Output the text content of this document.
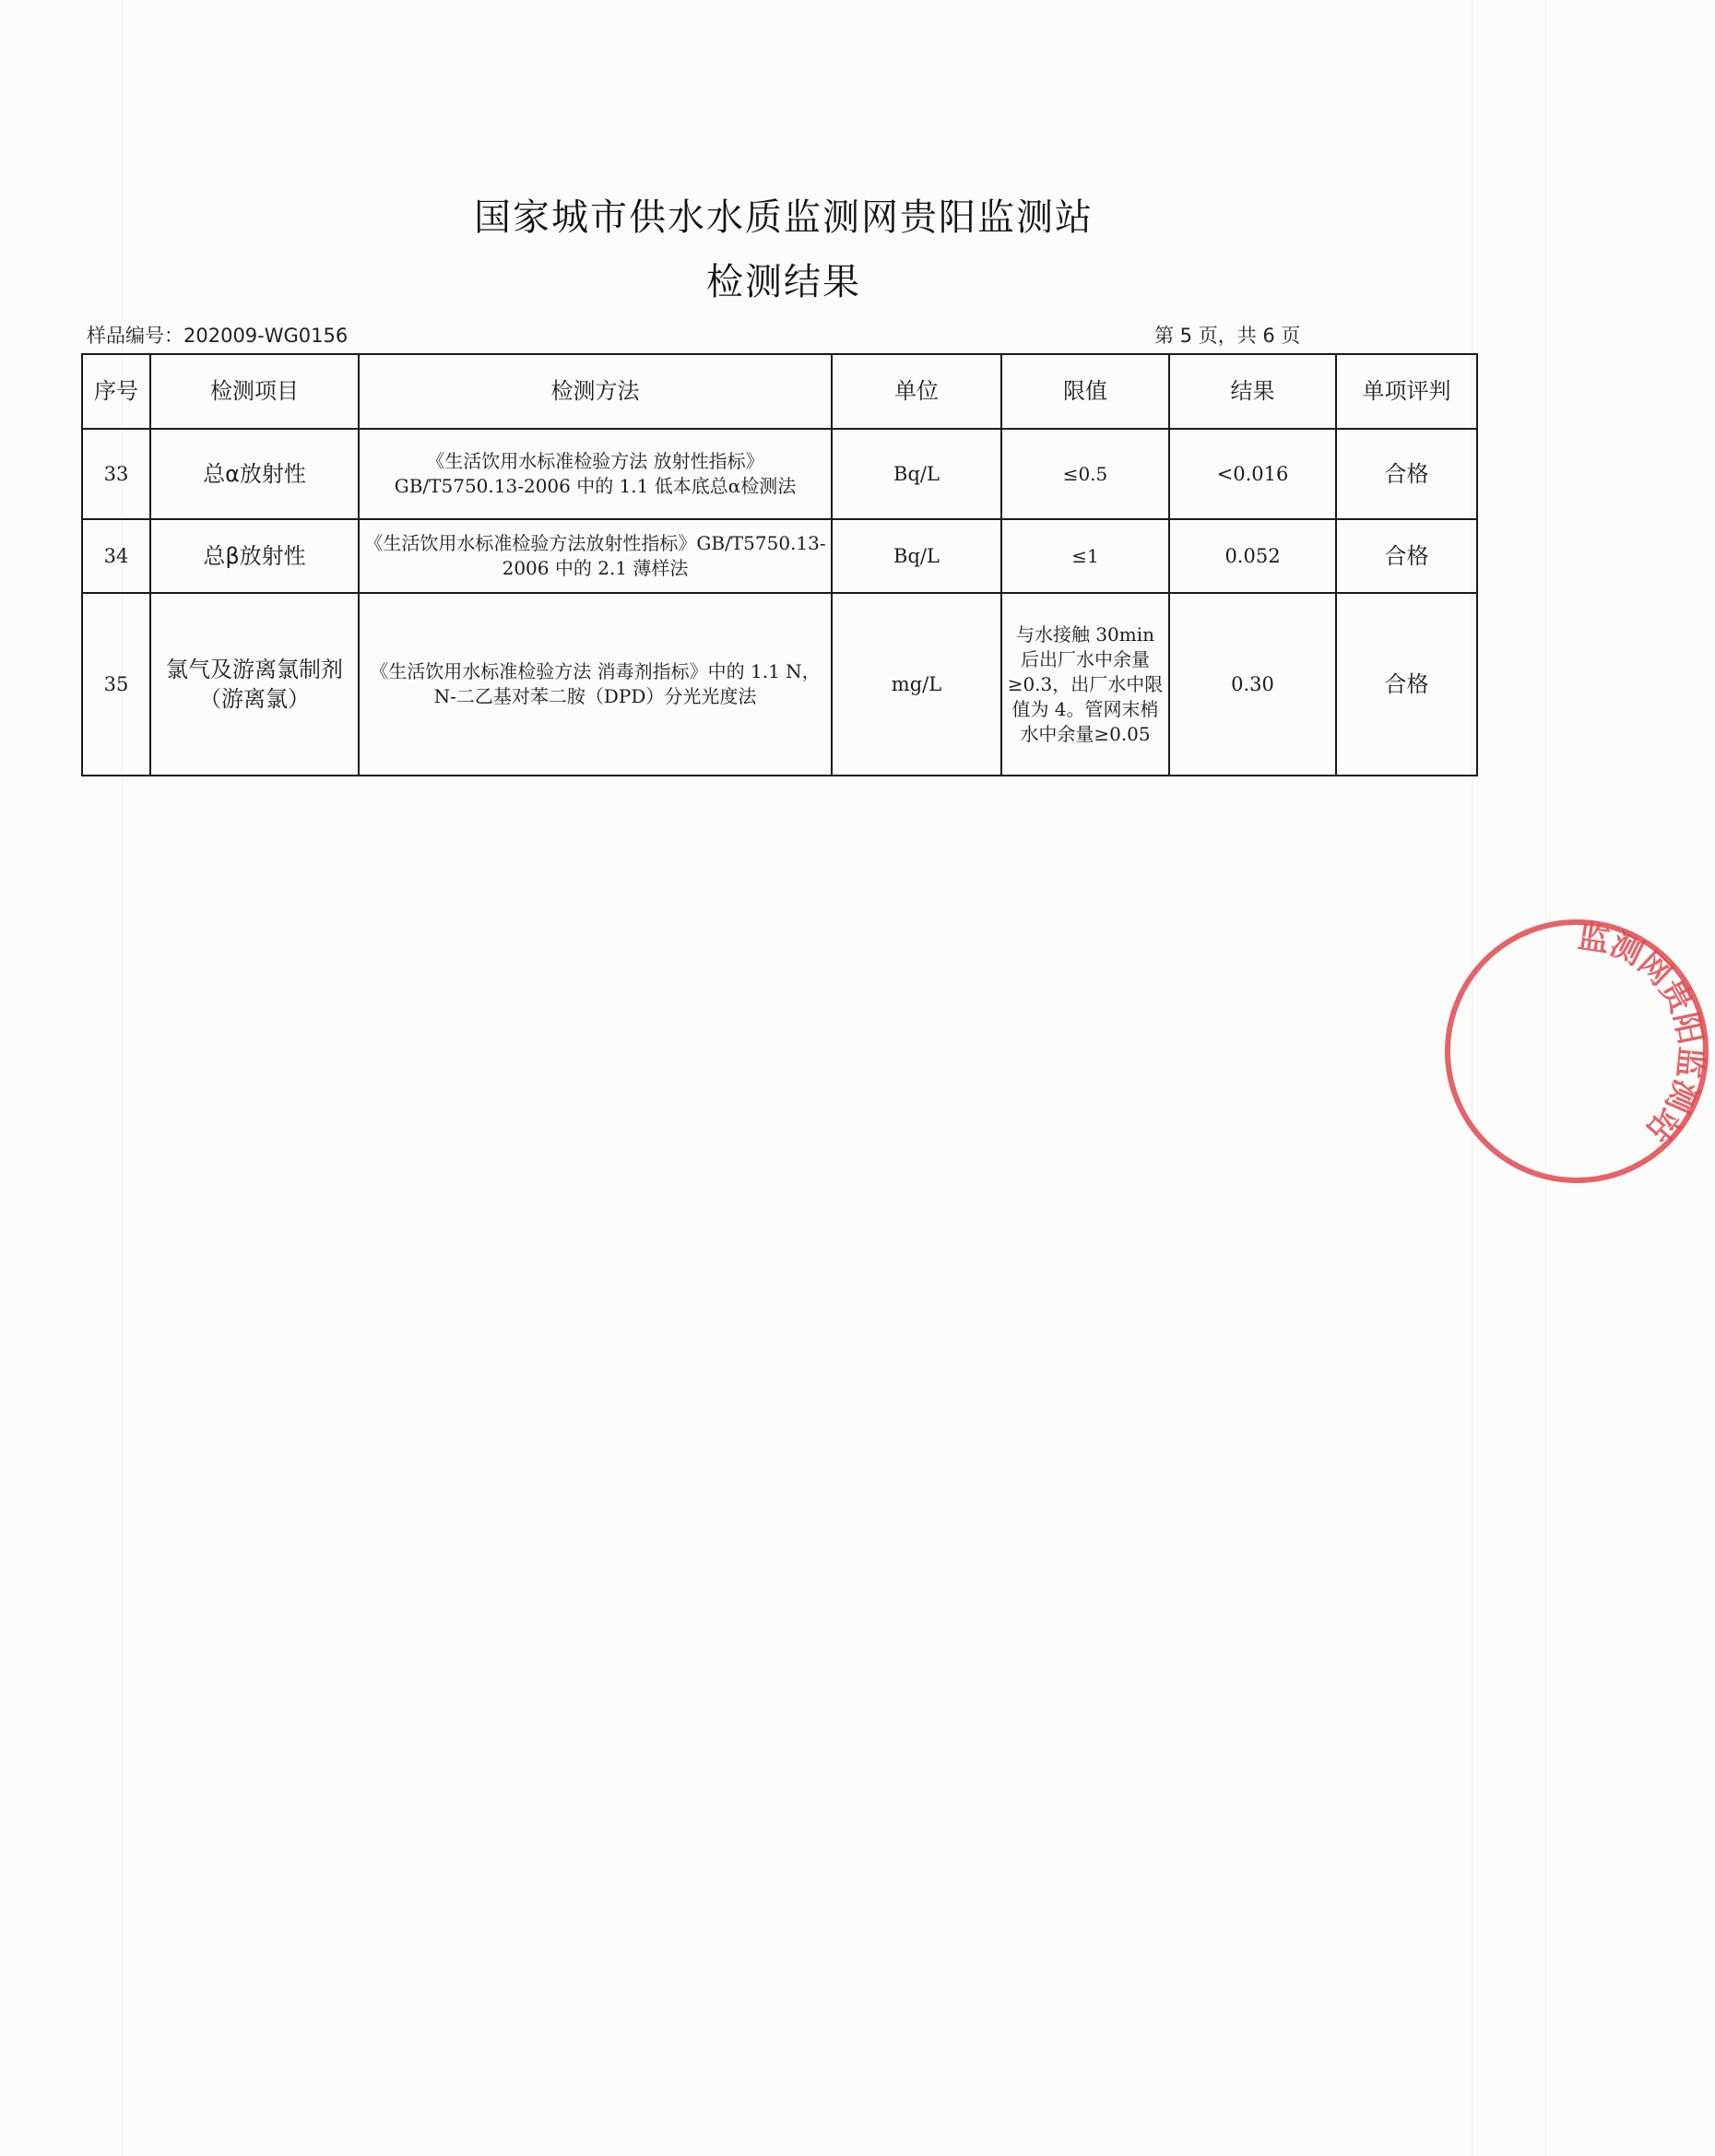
国家城市供水水质监测网贵阳监测站
检测结果
样品编号：202009-WG0156	第 5 页，共 6 页
序号	检测项目	检测方法	单位	限值	结果	单项评判
33	总α放射性	《生活饮用水标准检验方法 放射性指标》GB/T5750.13-2006 中的 1.1 低本底总α检测法	Bq/L	≤0.5	<0.016	合格
34	总β放射性	《生活饮用水标准检验方法放射性指标》GB/T5750.13-2006 中的 2.1 薄样法	Bq/L	≤1	0.052	合格
35	氯气及游离氯制剂（游离氯）	《生活饮用水标准检验方法 消毒剂指标》中的 1.1 N，N-二乙基对苯二胺（DPD）分光光度法	mg/L	与水接触 30min 后出厂水中余量≥0.3，出厂水中限值为 4。管网末梢水中余量≥0.05	0.30	合格
监测网贵阳监测站
